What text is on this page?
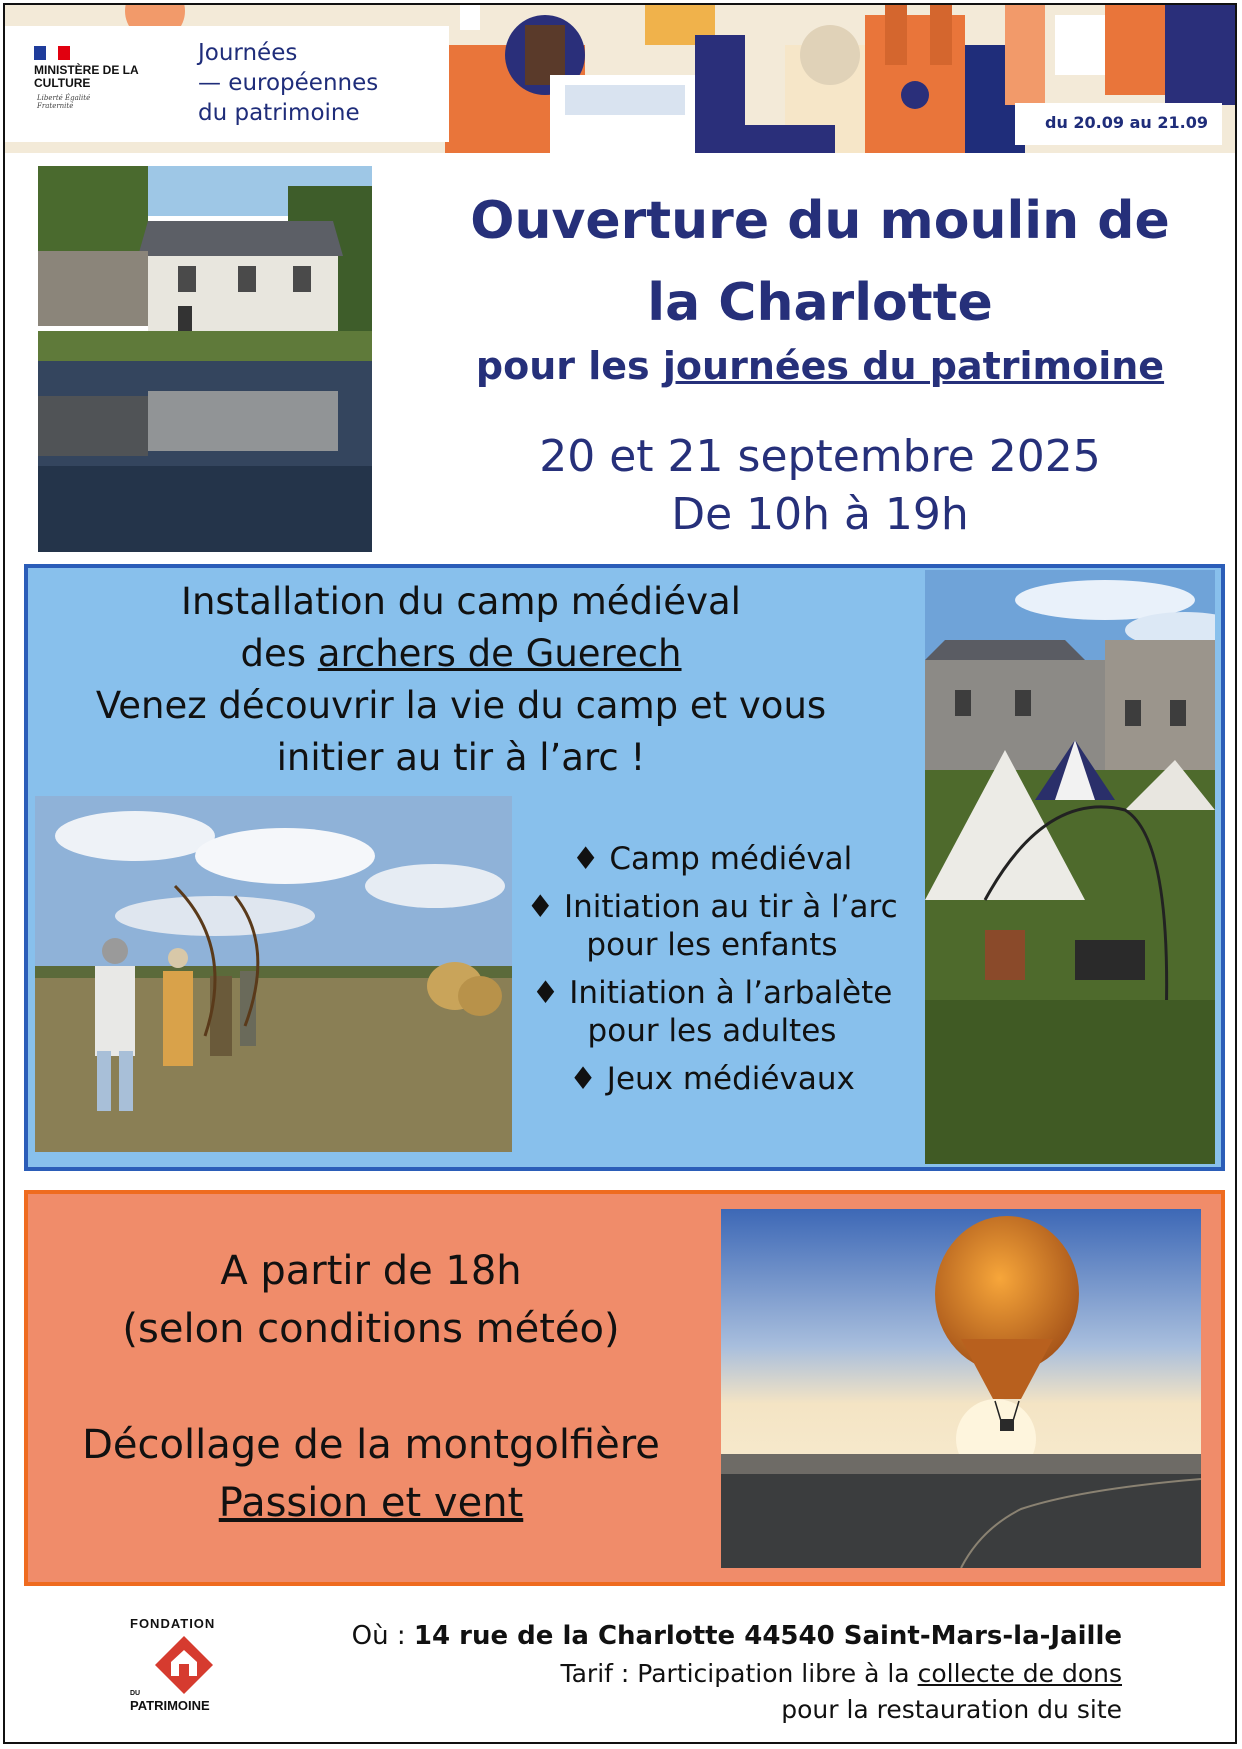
MINISTÈRE DE LA CULTURE
Liberté Égalité Fraternité
Journées
— européennes
du patrimoine	du 20.09 au 21.09
Ouverture du moulin de
la Charlotte
pour les journées du patrimoine
20 et 21 septembre 2025
De 10h à 19h
Installation du camp médiéval
des archers de Guerech
Venez découvrir la vie du camp et vous
initier au tir à l’arc !
♦ Camp médiéval
♦ Initiation au tir à l’arc pour les enfants
♦ Initiation à l’arbalète pour les adultes
♦ Jeux médiévaux
A partir de 18h
(selon conditions météo)
Décollage de la montgolfière
Passion et vent
FONDATION
DU
PATRIMOINE
Où : 14 rue de la Charlotte 44540 Saint-Mars-la-Jaille
Tarif : Participation libre à la collecte de dons
pour la restauration du site
